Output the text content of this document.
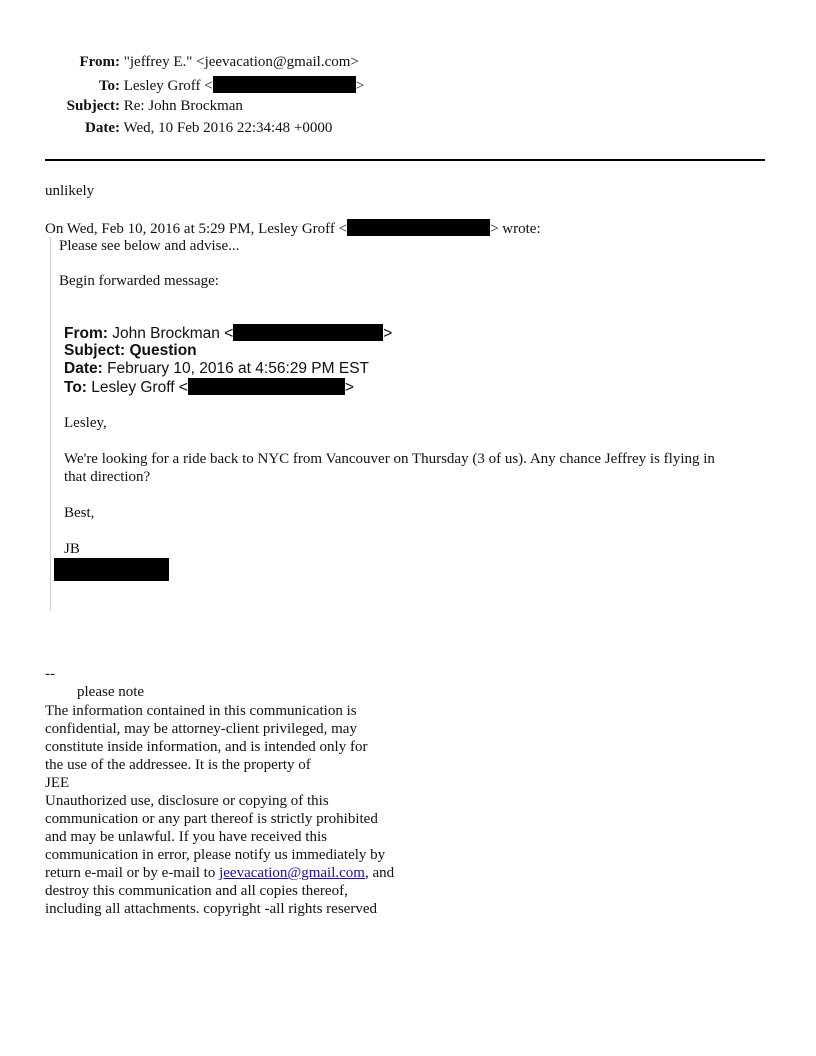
From: "jeffrey E." <jeevacation@gmail.com>
To: Lesley Groff <	>
Subject: Re: John Brockman
Date: Wed, 10 Feb 2016 22:34:48 +0000
unlikely
On Wed, Feb 10, 2016 at 5:29 PM, Lesley Groff <	> wrote:
Please see below and advise...
Begin forwarded message:
From: John Brockman <	>
Subject: Question
Date: February 10, 2016 at 4:56:29 PM EST
To: Lesley Groff <	>
Lesley,
We're looking for a ride back to NYC from Vancouver on Thursday (3 of us). Any chance Jeffrey is flying in
that direction?
Best,
JB
--
please note
The information contained in this communication is
confidential, may be attorney-client privileged, may
constitute inside information, and is intended only for
the use of the addressee. It is the property of
JEE
Unauthorized use, disclosure or copying of this
communication or any part thereof is strictly prohibited
and may be unlawful. If you have received this
communication in error, please notify us immediately by
return e-mail or by e-mail to jeevacation@gmail.com, and
destroy this communication and all copies thereof,
including all attachments. copyright -all rights reserved
